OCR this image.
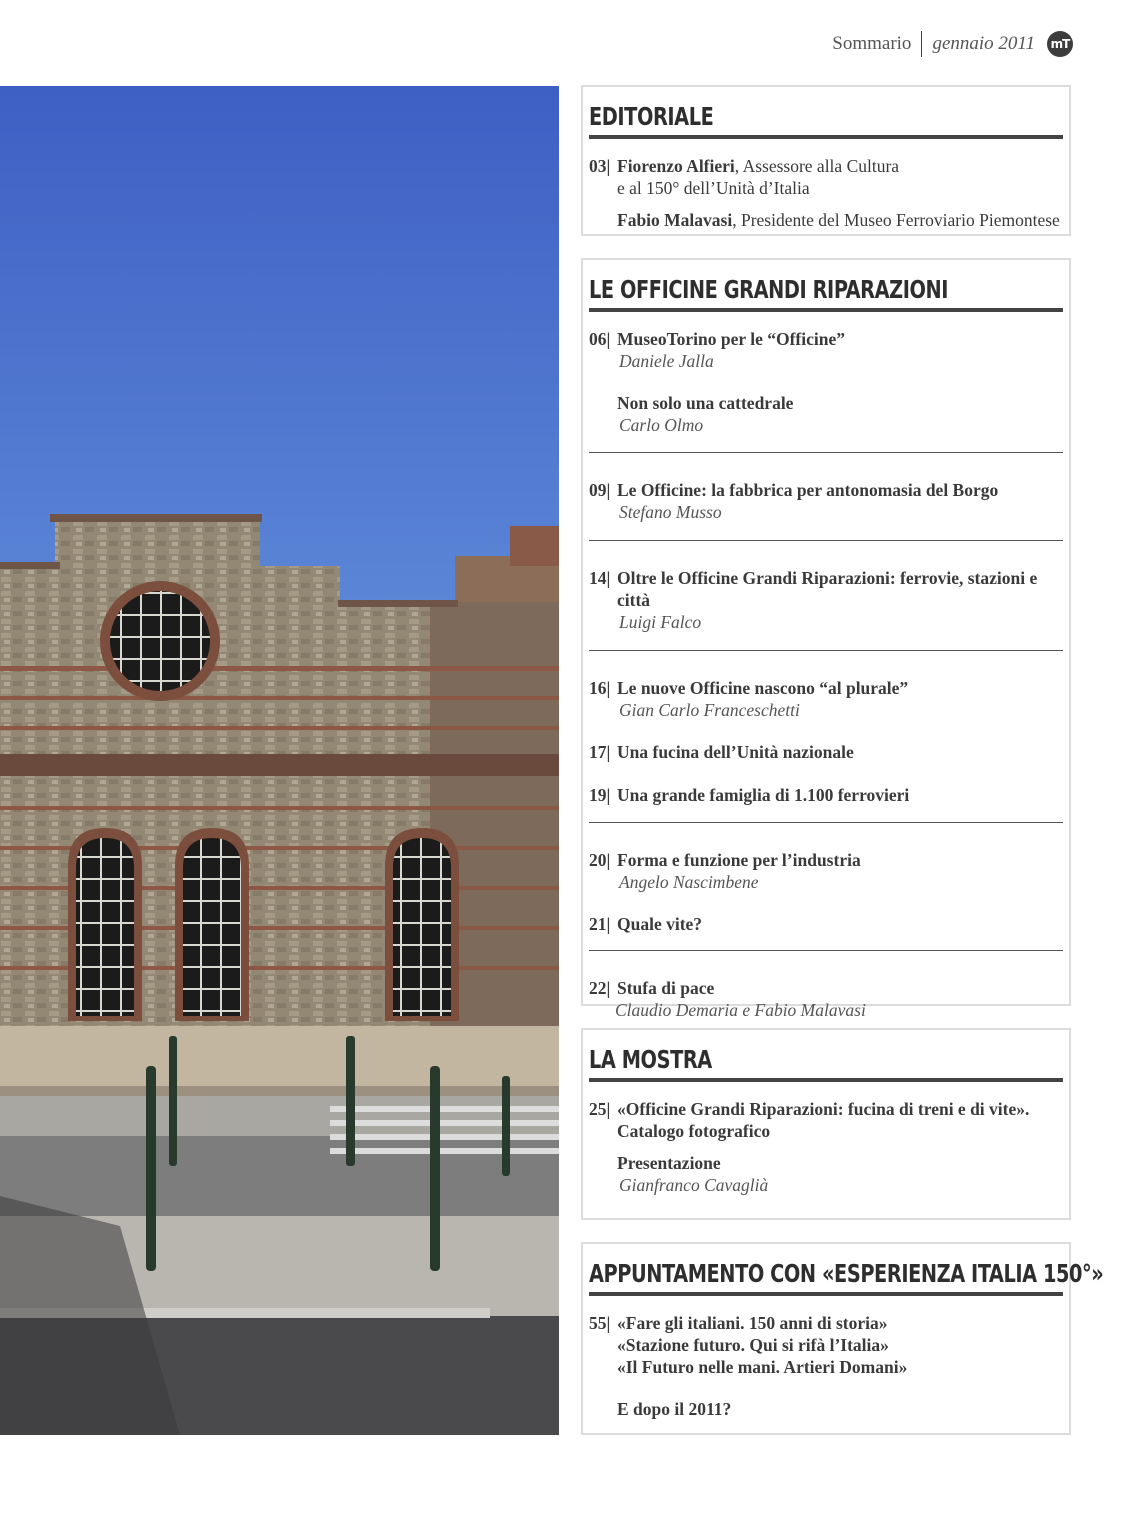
Sommario gennaio 2011	mT
EDITORIALE
03| Fiorenzo Alfieri, Assessore alla Cultura
e al 150° dell’Unità d’Italia
Fabio Malavasi, Presidente del Museo Ferroviario Piemontese
LE OFFICINE GRANDI RIPARAZIONI
06| MuseoTorino per le “Officine”
Daniele Jalla
Non solo una cattedrale
Carlo Olmo
09| Le Officine: la fabbrica per antonomasia del Borgo
Stefano Musso
14| Oltre le Officine Grandi Riparazioni: ferrovie, stazioni e città
Luigi Falco
16| Le nuove Officine nascono “al plurale”
Gian Carlo Franceschetti
17| Una fucina dell’Unità nazionale
19| Una grande famiglia di 1.100 ferrovieri
20| Forma e funzione per l’industria
Angelo Nascimbene
21| Quale vite?
22| Stufa di pace
Claudio Demaria e Fabio Malavasi
LA MOSTRA
25| «Officine Grandi Riparazioni: fucina di treni e di vite».
Catalogo fotografico
Presentazione
Gianfranco Cavaglià
APPUNTAMENTO CON «ESPERIENZA ITALIA 150°»
55| «Fare gli italiani. 150 anni di storia»
«Stazione futuro. Qui si rifà l’Italia»
«Il Futuro nelle mani. Artieri Domani»
E dopo il 2011?
